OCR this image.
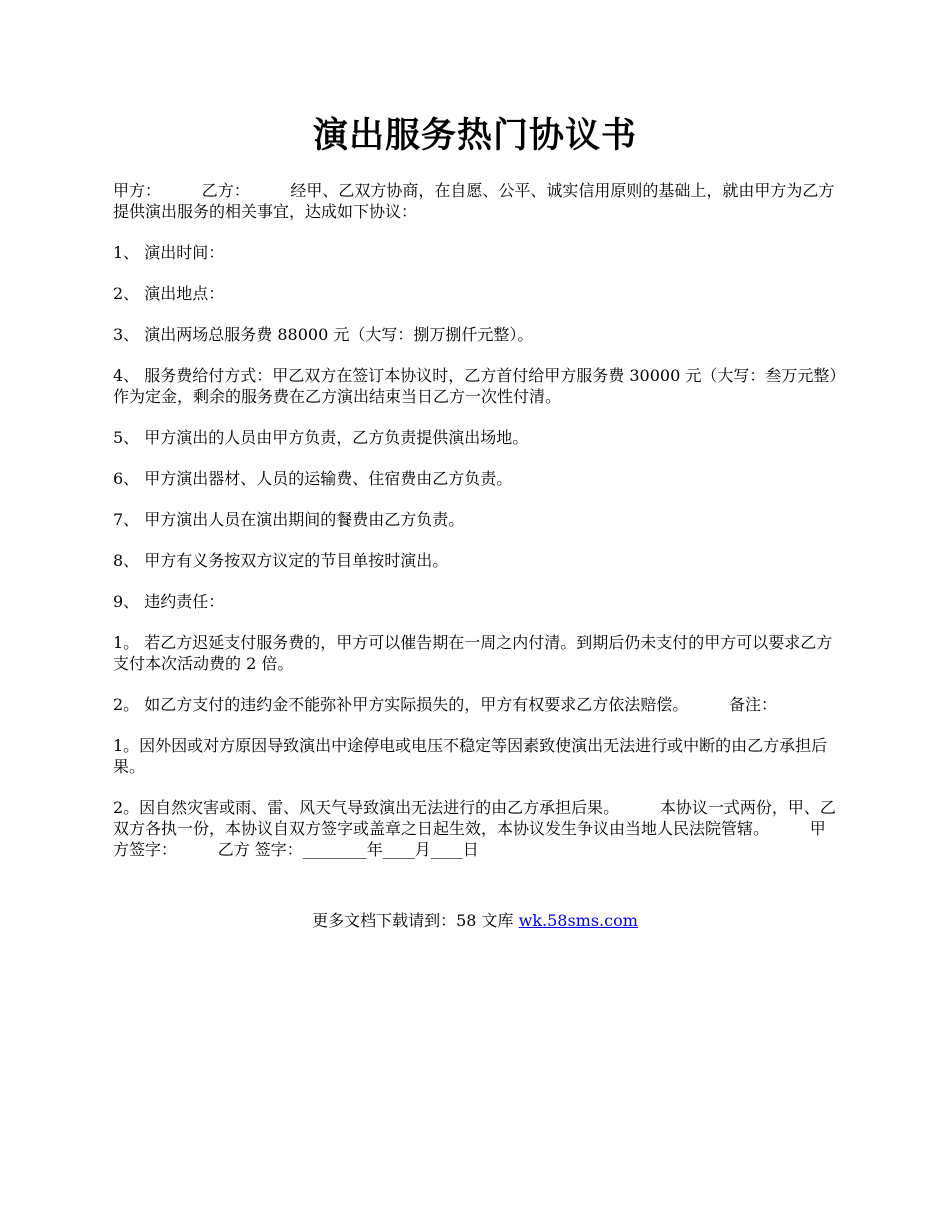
演出服务热门协议书

甲方：        乙方：        经甲、乙双方协商，在自愿、公平、诚实信用原则的基础上，就由甲方为乙方提供演出服务的相关事宜，达成如下协议：

1、 演出时间：

2、 演出地点：

3、 演出两场总服务费 88000 元（大写：捌万捌仟元整）。

4、 服务费给付方式：甲乙双方在签订本协议时，乙方首付给甲方服务费 30000 元（大写：叁万元整）作为定金，剩余的服务费在乙方演出结束当日乙方一次性付清。

5、 甲方演出的人员由甲方负责，乙方负责提供演出场地。

6、 甲方演出器材、人员的运输费、住宿费由乙方负责。

7、 甲方演出人员在演出期间的餐费由乙方负责。

8、 甲方有义务按双方议定的节目单按时演出。

9、 违约责任：

1。 若乙方迟延支付服务费的，甲方可以催告期在一周之内付清。到期后仍未支付的甲方可以要求乙方支付本次活动费的 2 倍。

2。 如乙方支付的违约金不能弥补甲方实际损失的，甲方有权要求乙方依法赔偿。        备注：

1。因外因或对方原因导致演出中途停电或电压不稳定等因素致使演出无法进行或中断的由乙方承担后果。

2。因自然灾害或雨、雷、风天气导致演出无法进行的由乙方承担后果。        本协议一式两份，甲、乙双方各执一份，本协议自双方签字或盖章之日起生效，本协议发生争议由当地人民法院管辖。        甲方签字：        乙方 签字：________年____月____日

更多文档下载请到：58 文库 wk.58sms.com
